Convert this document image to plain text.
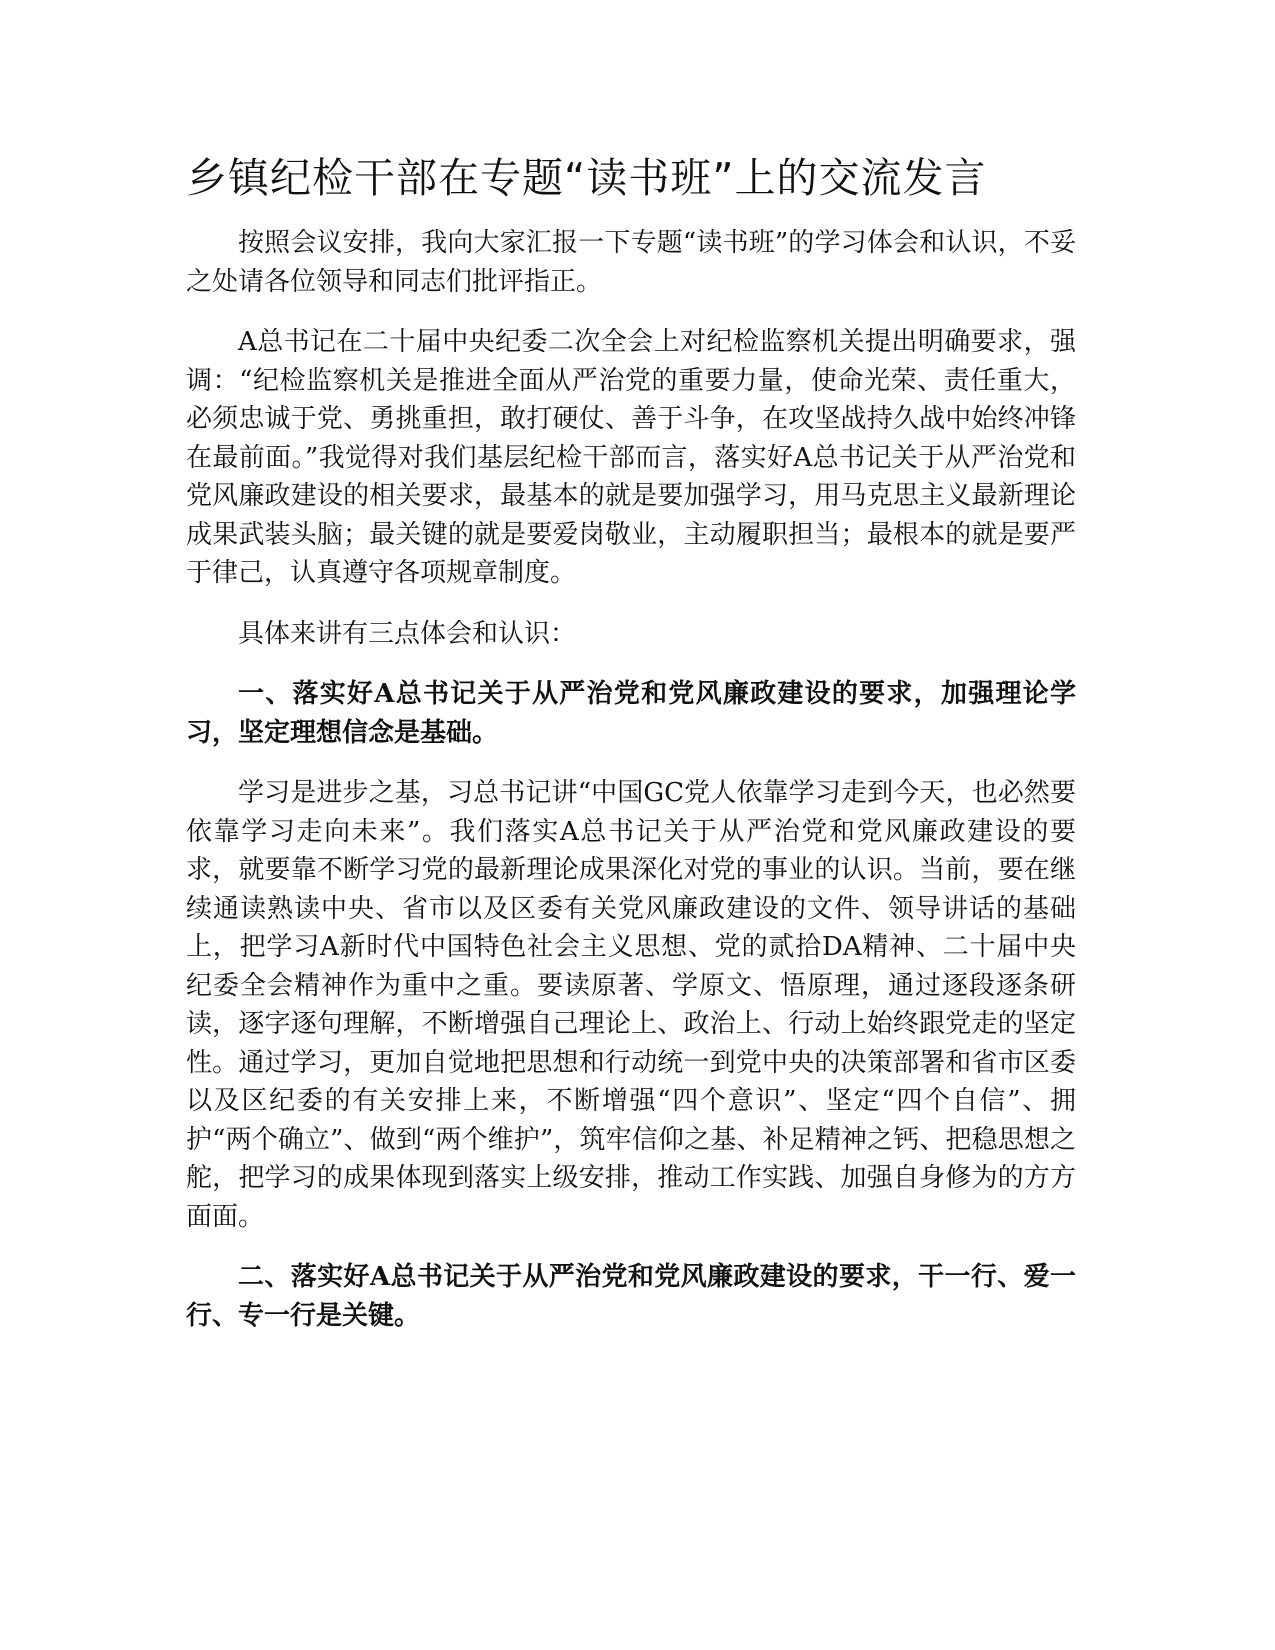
乡镇纪检干部在专题“读书班”上的交流发言

按照会议安排，我向大家汇报一下专题“读书班”的学习体会和认识，不妥之处请各位领导和同志们批评指正。

A总书记在二十届中央纪委二次全会上对纪检监察机关提出明确要求，强调：“纪检监察机关是推进全面从严治党的重要力量，使命光荣、责任重大，必须忠诚于党、勇挑重担，敢打硬仗、善于斗争，在攻坚战持久战中始终冲锋在最前面。”我觉得对我们基层纪检干部而言，落实好A总书记关于从严治党和党风廉政建设的相关要求，最基本的就是要加强学习，用马克思主义最新理论成果武装头脑；最关键的就是要爱岗敬业，主动履职担当；最根本的就是要严于律己，认真遵守各项规章制度。

具体来讲有三点体会和认识：

一、落实好A总书记关于从严治党和党风廉政建设的要求，加强理论学习，坚定理想信念是基础。

学习是进步之基，习总书记讲“中国GC党人依靠学习走到今天，也必然要依靠学习走向未来”。我们落实A总书记关于从严治党和党风廉政建设的要求，就要靠不断学习党的最新理论成果深化对党的事业的认识。当前，要在继续通读熟读中央、省市以及区委有关党风廉政建设的文件、领导讲话的基础上，把学习A新时代中国特色社会主义思想、党的贰拾DA精神、二十届中央纪委全会精神作为重中之重。要读原著、学原文、悟原理，通过逐段逐条研读，逐字逐句理解，不断增强自己理论上、政治上、行动上始终跟党走的坚定性。通过学习，更加自觉地把思想和行动统一到党中央的决策部署和省市区委以及区纪委的有关安排上来，不断增强“四个意识”、坚定“四个自信”、拥护“两个确立”、做到“两个维护”，筑牢信仰之基、补足精神之钙、把稳思想之舵，把学习的成果体现到落实上级安排，推动工作实践、加强自身修为的方方面面。

二、落实好A总书记关于从严治党和党风廉政建设的要求，干一行、爱一行、专一行是关键。
